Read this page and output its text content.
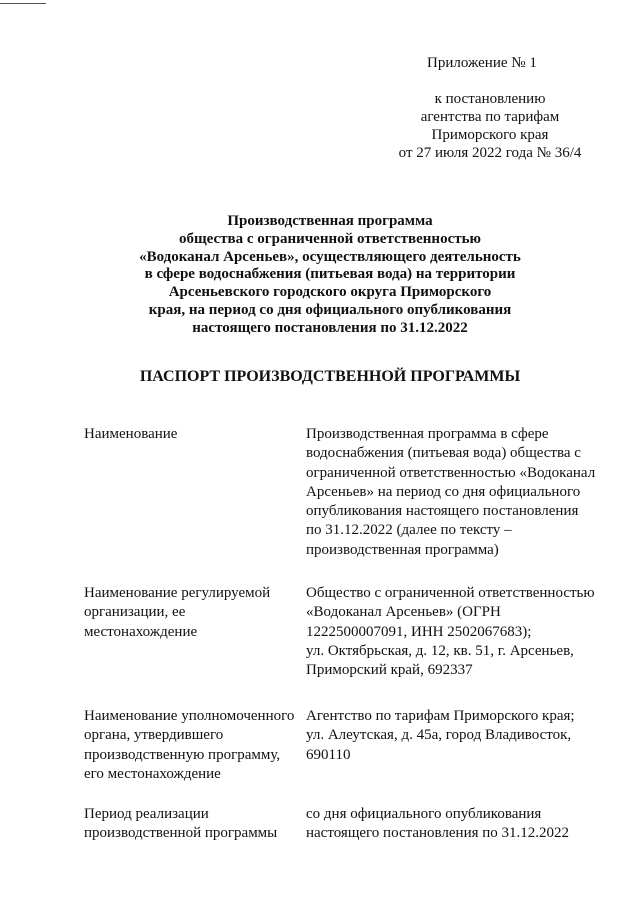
Приложение № 1
к постановлению
агентства по тарифам
Приморского края
от 27 июля 2022 года № 36/4
Производственная программа
общества с ограниченной ответственностью
«Водоканал Арсеньев», осуществляющего деятельность
в сфере водоснабжения (питьевая вода) на территории
Арсеньевского городского округа Приморского
края, на период со дня официального опубликования
настоящего постановления по 31.12.2022
ПАСПОРТ ПРОИЗВОДСТВЕННОЙ ПРОГРАММЫ
Наименование	Производственная программа в сфере
водоснабжения (питьевая вода) общества с
ограниченной ответственностью «Водоканал
Арсеньев» на период со дня официального
опубликования настоящего постановления
по 31.12.2022 (далее по тексту –
производственная программа)
Наименование регулируемой
организации, ее
местонахождение
Общество с ограниченной ответственностью
«Водоканал Арсеньев» (ОГРН
1222500007091, ИНН 2502067683);
ул. Октябрьская, д. 12, кв. 51, г. Арсеньев,
Приморский край, 692337
Наименование уполномоченного
органа, утвердившего
производственную программу,
его местонахождение
Агентство по тарифам Приморского края;
ул. Алеутская, д. 45а, город Владивосток,
690110
Период реализации
производственной программы
со дня официального опубликования
настоящего постановления по 31.12.2022
